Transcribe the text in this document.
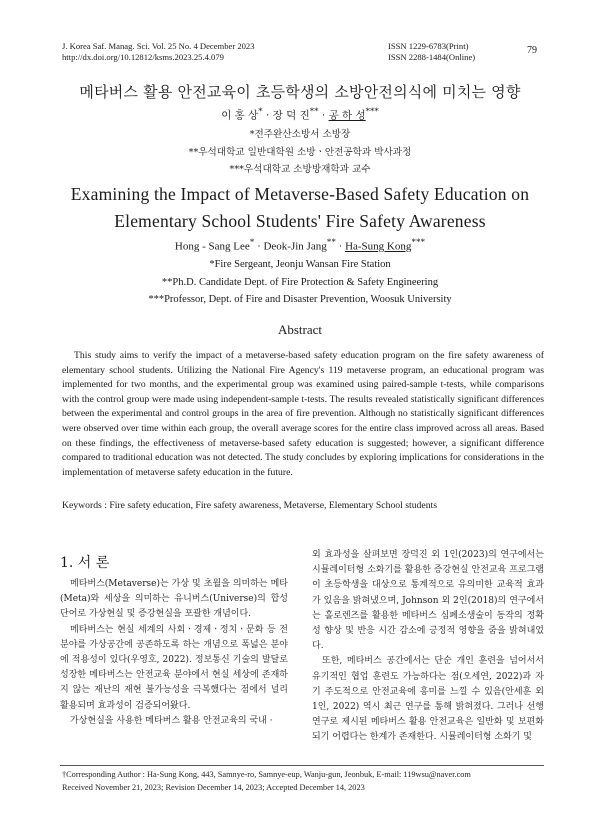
J. Korea Saf. Manag. Sci. Vol. 25 No. 4 December 2023
http://dx.doi.org/10.12812/ksms.2023.25.4.079
ISSN 1229-6783(Print)
ISSN 2288-1484(Online)
79
메타버스 활용 안전교육이 초등학생의 소방안전의식에 미치는 영향
이 홍 상* · 장 덕 진** · 공 하 성***
*전주완산소방서 소방장
**우석대학교 일반대학원 소방ㆍ안전공학과 박사과정
***우석대학교 소방방재학과 교수
Examining the Impact of Metaverse-Based Safety Education on
Elementary School Students' Fire Safety Awareness
Hong - Sang Lee* · Deok-Jin Jang** · Ha-Sung Kong***
*Fire Sergeant, Jeonju Wansan Fire Station
**Ph.D. Candidate Dept. of Fire Protection & Safety Engineering
***Professor, Dept. of Fire and Disaster Prevention, Woosuk University
Abstract
This study aims to verify the impact of a metaverse-based safety education program on the fire safety awareness of elementary school students. Utilizing the National Fire Agency's 119 metaverse program, an educational program was implemented for two months, and the experimental group was examined using paired-sample t-tests, while comparisons with the control group were made using independent-sample t-tests. The results revealed statistically significant differences between the experimental and control groups in the area of fire prevention. Although no statistically significant differences were observed over time within each group, the overall average scores for the entire class improved across all areas. Based on these findings, the effectiveness of metaverse-based safety education is suggested; however, a significant difference compared to traditional education was not detected. The study concludes by exploring implications for considerations in the implementation of metaverse safety education in the future.
Keywords : Fire safety education, Fire safety awareness, Metaverse, Elementary School students
1. 서 론

메타버스(Metaverse)는 가상 및 초월을 의미하는 메타(Meta)와 세상을 의미하는 유니버스(Universe)의 합성 단어로 가상현실 및 증강현실을 포괄한 개념이다.

메타버스는 현실 세계의 사회ㆍ경제ㆍ정치ㆍ문화 등 전 분야를 가상공간에 공존하도록 하는 개념으로 폭넓은 분야에 적용성이 있다(우영호, 2022). 정보통신 기술의 발달로 성장한 메타버스는 안전교육 분야에서 현실 세상에 존재하지 않는 재난의 재현 불가능성을 극복했다는 점에서 널리 활용되며 효과성이 검증되어왔다.

가상현실을 사용한 메타버스 활용 안전교육의 국내 ·

외 효과성을 살펴보면 장덕진 외 1인(2023)의 연구에서는 시뮬레이터형 소화기를 활용한 증강현실 안전교육 프로그램이 초등학생을 대상으로 통계적으로 유의미한 교육적 효과가 있음을 밝혀냈으며, Johnson 외 2인(2018)의 연구에서는 홀로렌즈를 활용한 메타버스 심폐소생술이 동작의 정확성 향상 및 반응 시간 감소에 긍정적 영향을 줌을 밝혀내었다.

또한, 메타버스 공간에서는 단순 개인 훈련을 넘어서서 유기적인 협업 훈련도 가능하다는 점(오세연, 2022)과 자기 주도적으로 안전교육에 흥미를 느낄 수 있음(안세훈 외 1인, 2022) 역시 최근 연구를 통해 밝혀졌다. 그러나 선행연구로 제시된 메타버스 활용 안전교육은 일반화 및 보편화되기 어렵다는 한계가 존재한다. 시뮬레이터형 소화기 및

†Corresponding Author : Ha-Sung Kong, 443, Samnye-ro, Samnye-eup, Wanju-gun, Jeonbuk, E-mail: 119wsu@naver.com
Received November 21, 2023; Revision December 14, 2023; Accepted December 14, 2023
